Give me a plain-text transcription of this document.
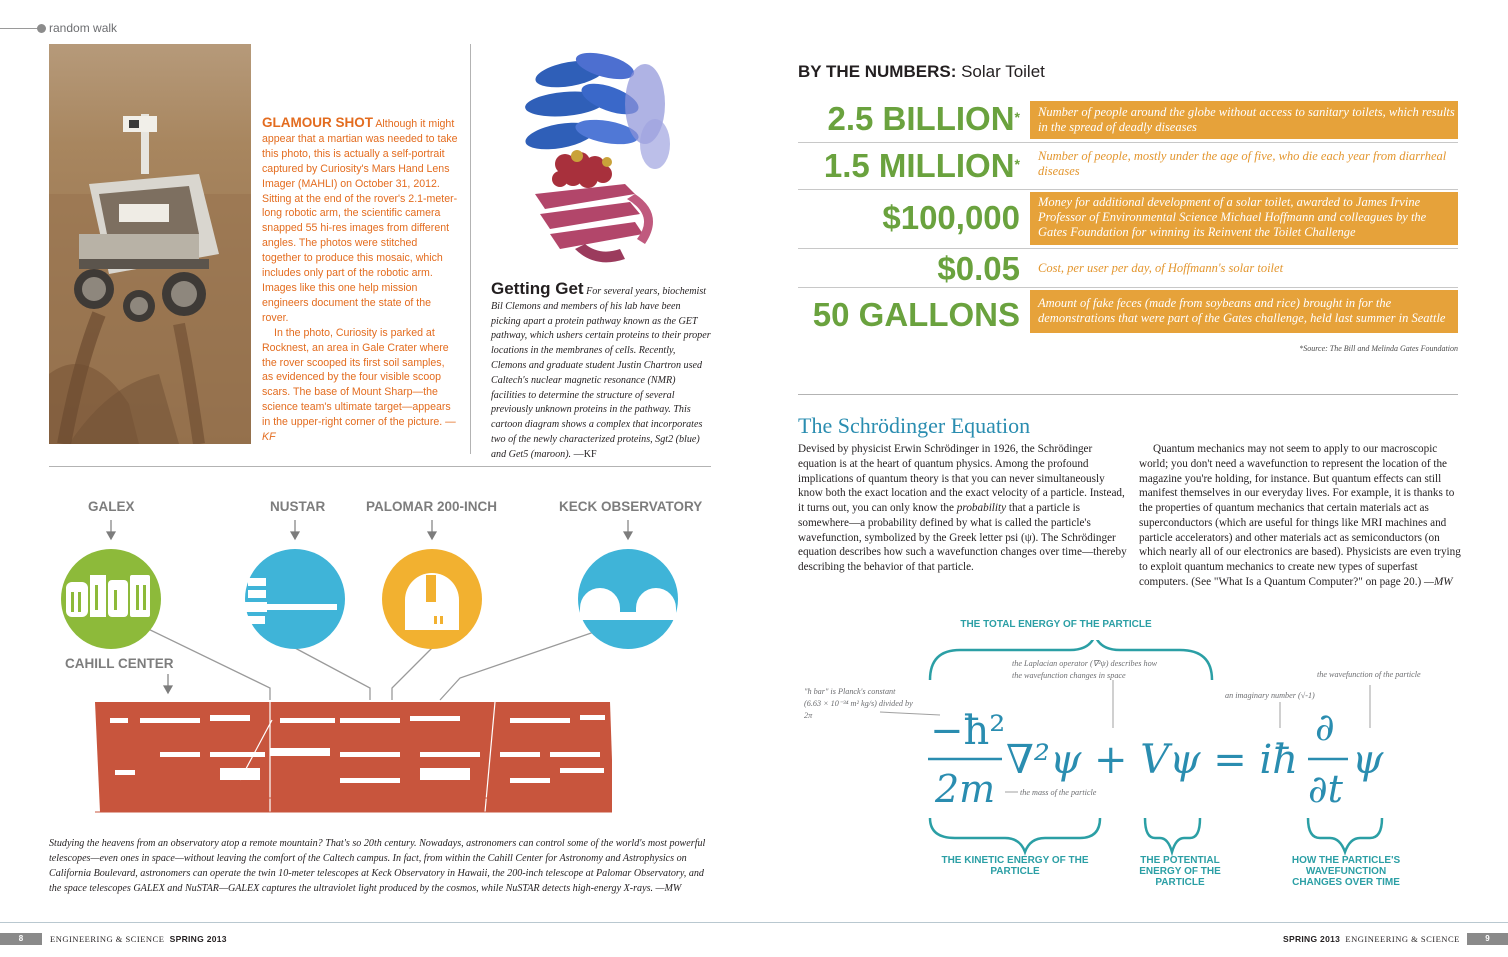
random walk

GLAMOUR SHOT Although it might appear that a martian was needed to take this photo, this is actually a self-portrait captured by Curiosity's Mars Hand Lens Imager (MAHLI) on October 31, 2012. Sitting at the end of the rover's 2.1-meter-long robotic arm, the scientific camera snapped 55 hi-res images from different angles. The photos were stitched together to produce this mosaic, which includes only part of the robotic arm. Images like this one help mission engineers document the state of the rover.

In the photo, Curiosity is parked at Rocknest, an area in Gale Crater where the rover scooped its first soil samples, as evidenced by the four visible scoop scars. The base of Mount Sharp—the science team's ultimate target—appears in the upper-right corner of the picture. —KF

Getting Get For several years, biochemist Bil Clemons and members of his lab have been picking apart a protein pathway known as the GET pathway, which ushers certain proteins to their proper locations in the membranes of cells. Recently, Clemons and graduate student Justin Chartron used Caltech's nuclear magnetic resonance (NMR) facilities to determine the structure of several previously unknown proteins in the pathway. This cartoon diagram shows a complex that incorporates two of the newly characterized proteins, Sgt2 (blue) and Get5 (maroon). —KF
GALEX	NUSTAR	PALOMAR 200-INCH	KECK OBSERVATORY
CAHILL CENTER
Studying the heavens from an observatory atop a remote mountain? That's so 20th century. Nowadays, astronomers can control some of the world's most powerful telescopes—even ones in space—without leaving the comfort of the Caltech campus. In fact, from within the Cahill Center for Astronomy and Astrophysics on California Boulevard, astronomers can operate the twin 10-meter telescopes at Keck Observatory in Hawaii, the 200-inch telescope at Palomar Observatory, and the space telescopes GALEX and NuSTAR—GALEX captures the ultraviolet light produced by the cosmos, while NuSTAR detects high-energy X-rays. —MW
BY THE NUMBERS: Solar Toilet
2.5 BILLION*	Number of people around the globe without access to sanitary toilets, which results in the spread of deadly diseases
1.5 MILLION*	Number of people, mostly under the age of five, who die each year from diarrheal diseases
$100,000	Money for additional development of a solar toilet, awarded to James Irvine Professor of Environmental Science Michael Hoffmann and colleagues by the Gates Foundation for winning its Reinvent the Toilet Challenge
$0.05	Cost, per user per day, of Hoffmann's solar toilet
50 GALLONS	Amount of fake feces (made from soybeans and rice) brought in for the demonstrations that were part of the Gates challenge, held last summer in Seattle
*Source: The Bill and Melinda Gates Foundation
The Schrödinger Equation
Devised by physicist Erwin Schrödinger in 1926, the Schrödinger equation is at the heart of quantum physics. Among the profound implications of quantum theory is that you can never simultaneously know both the exact location and the exact velocity of a particle. Instead, it turns out, you can only know the probability that a particle is somewhere—a probability defined by what is called the particle's wavefunction, symbolized by the Greek letter psi (ψ). The Schrödinger equation describes how such a wavefunction changes over time—thereby describing the behavior of that particle.

Quantum mechanics may not seem to apply to our macroscopic world; you don't need a wavefunction to represent the location of the magazine you're holding, for instance. But quantum effects can still manifest themselves in our everyday lives. For example, it is thanks to the properties of quantum mechanics that certain materials act as superconductors (which are useful for things like MRI machines and particle accelerators) and other materials act as semiconductors (on which nearly all of our electronics are based). Physicists are even trying to exploit quantum mechanics to create new types of superfast computers. (See "What Is a Quantum Computer?" on page 20.) —MW

THE TOTAL ENERGY OF THE PARTICLE
the Laplacian operator (∇²ψ) describes how the wavefunction changes in space
"ħ bar" is Planck's constant (6.63 × 10⁻³⁴ m² kg/s) divided by 2π
an imaginary number (√-1)
the wavefunction of the particle
the mass of the particle
THE KINETIC ENERGY OF THE PARTICLE
THE POTENTIAL ENERGY OF THE PARTICLE
HOW THE PARTICLE'S WAVEFUNCTION CHANGES OVER TIME
−ħ²
2m
∇²ψ + Vψ = iħ
∂
∂t
ψ
8	ENGINEERING & SCIENCE SPRING 2013	SPRING 2013 ENGINEERING & SCIENCE	9
